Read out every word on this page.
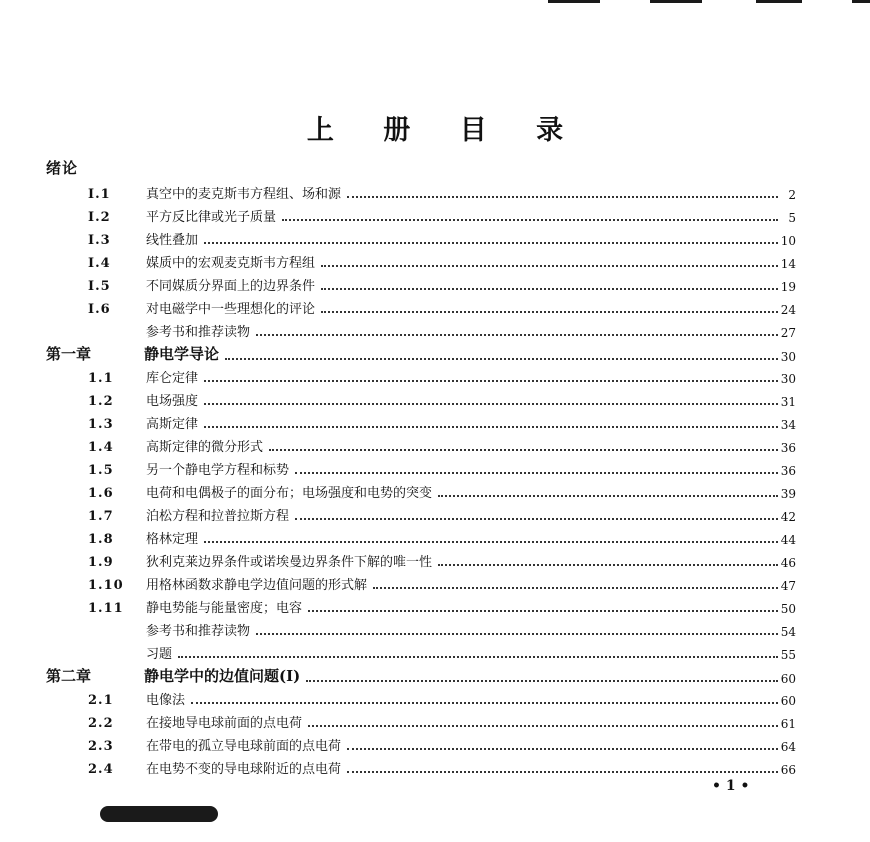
上 册 目 录
绪论
I.1	真空中的麦克斯韦方程组、场和源	2
I.2	平方反比律或光子质量	5
I.3	线性叠加	10
I.4	媒质中的宏观麦克斯韦方程组	14
I.5	不同媒质分界面上的边界条件	19
I.6	对电磁学中一些理想化的评论	24
参考书和推荐读物	27
第一章	静电学导论	30
1.1	库仑定律	30
1.2	电场强度	31
1.3	高斯定律	34
1.4	高斯定律的微分形式	36
1.5	另一个静电学方程和标势	36
1.6	电荷和电偶极子的面分布；电场强度和电势的突变	39
1.7	泊松方程和拉普拉斯方程	42
1.8	格林定理	44
1.9	狄利克莱边界条件或诺埃曼边界条件下解的唯一性	46
1.10	用格林函数求静电学边值问题的形式解	47
1.11	静电势能与能量密度；电容	50
参考书和推荐读物	54
习题	55
第二章	静电学中的边值问题(I)	60
2.1	电像法	60
2.2	在接地导电球前面的点电荷	61
2.3	在带电的孤立导电球前面的点电荷	64
2.4	在电势不变的导电球附近的点电荷	66
• 1 •
